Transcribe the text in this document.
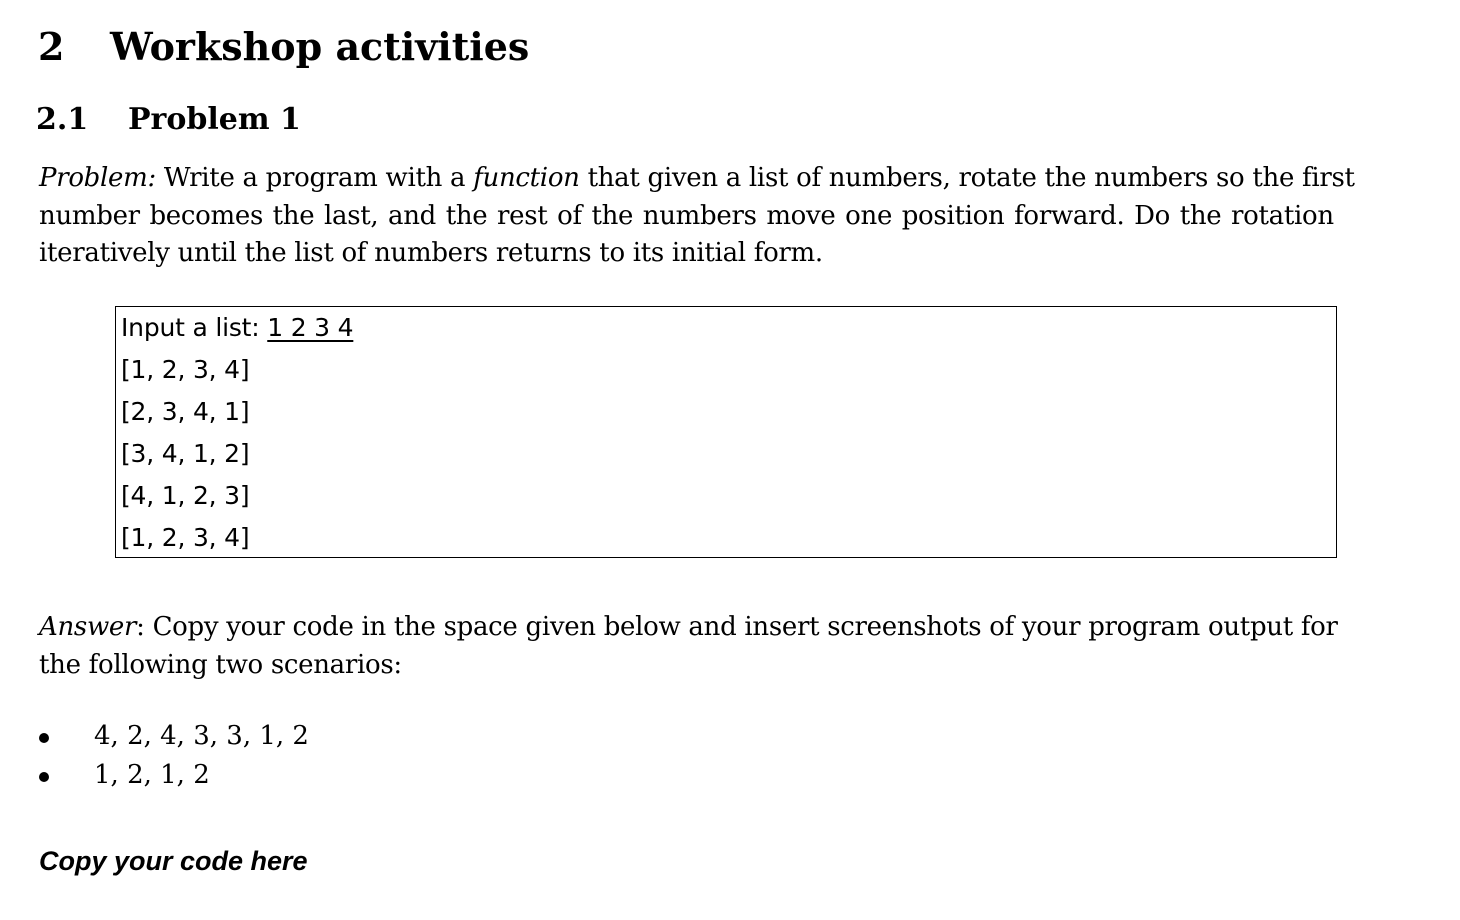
2 Workshop activities
2.1 Problem 1
Problem: Write a program with a function that given a list of numbers, rotate the numbers so the first
number becomes the last, and the rest of the numbers move one position forward. Do the rotation
iteratively until the list of numbers returns to its initial form.
Input a list: 1 2 3 4
[1, 2, 3, 4]
[2, 3, 4, 1]
[3, 4, 1, 2]
[4, 1, 2, 3]
[1, 2, 3, 4]
Answer: Copy your code in the space given below and insert screenshots of your program output for
the following two scenarios:
4, 2, 4, 3, 3, 1, 2
1, 2, 1, 2
Copy your code here
